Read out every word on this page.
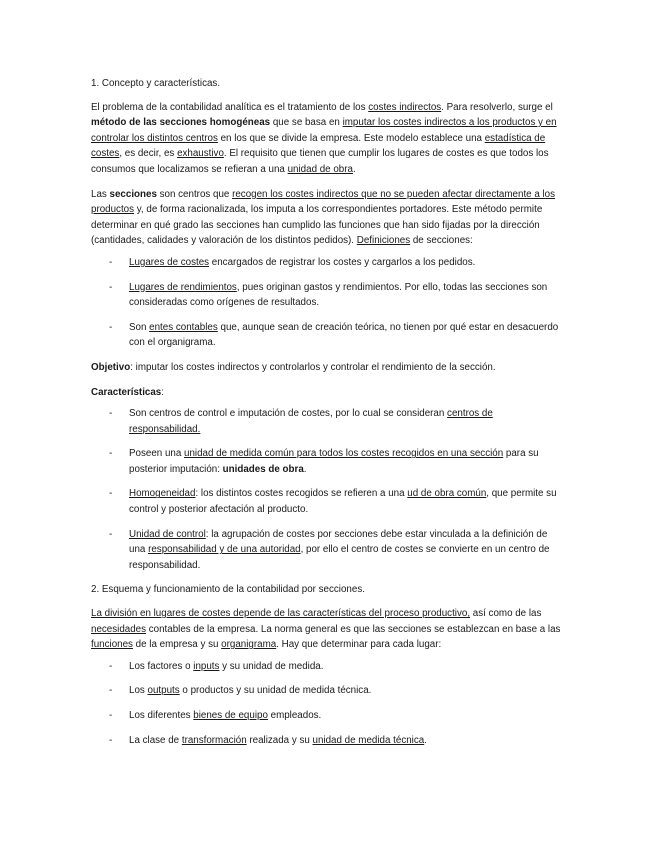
1. Concepto y características.

El problema de la contabilidad analítica es el tratamiento de los costes indirectos. Para resolverlo, surge el método de las secciones homogéneas que se basa en imputar los costes indirectos a los productos y en controlar los distintos centros en los que se divide la empresa. Este modelo establece una estadística de costes, es decir, es exhaustivo. El requisito que tienen que cumplir los lugares de costes es que todos los consumos que localizamos se refieran a una unidad de obra.

Las secciones son centros que recogen los costes indirectos que no se pueden afectar directamente a los productos y, de forma racionalizada, los imputa a los correspondientes portadores. Este método permite determinar en qué grado las secciones han cumplido las funciones que han sido fijadas por la dirección (cantidades, calidades y valoración de los distintos pedidos). Definiciones de secciones:

- Lugares de costes encargados de registrar los costes y cargarlos a los pedidos.
- Lugares de rendimientos, pues originan gastos y rendimientos. Por ello, todas las secciones son consideradas como orígenes de resultados.
- Son entes contables que, aunque sean de creación teórica, no tienen por qué estar en desacuerdo con el organigrama.

Objetivo: imputar los costes indirectos y controlarlos y controlar el rendimiento de la sección.

Características:

- Son centros de control e imputación de costes, por lo cual se consideran centros de responsabilidad.
- Poseen una unidad de medida común para todos los costes recogidos en una sección para su posterior imputación: unidades de obra.
- Homogeneidad: los distintos costes recogidos se refieren a una ud de obra común, que permite su control y posterior afectación al producto.
- Unidad de control: la agrupación de costes por secciones debe estar vinculada a la definición de una responsabilidad y de una autoridad, por ello el centro de costes se convierte en un centro de responsabilidad.

2. Esquema y funcionamiento de la contabilidad por secciones.

La división en lugares de costes depende de las características del proceso productivo, así como de las necesidades contables de la empresa. La norma general es que las secciones se establezcan en base a las funciones de la empresa y su organigrama. Hay que determinar para cada lugar:

- Los factores o inputs y su unidad de medida.
- Los outputs o productos y su unidad de medida técnica.
- Los diferentes bienes de equipo empleados.
- La clase de transformación realizada y su unidad de medida técnica.
